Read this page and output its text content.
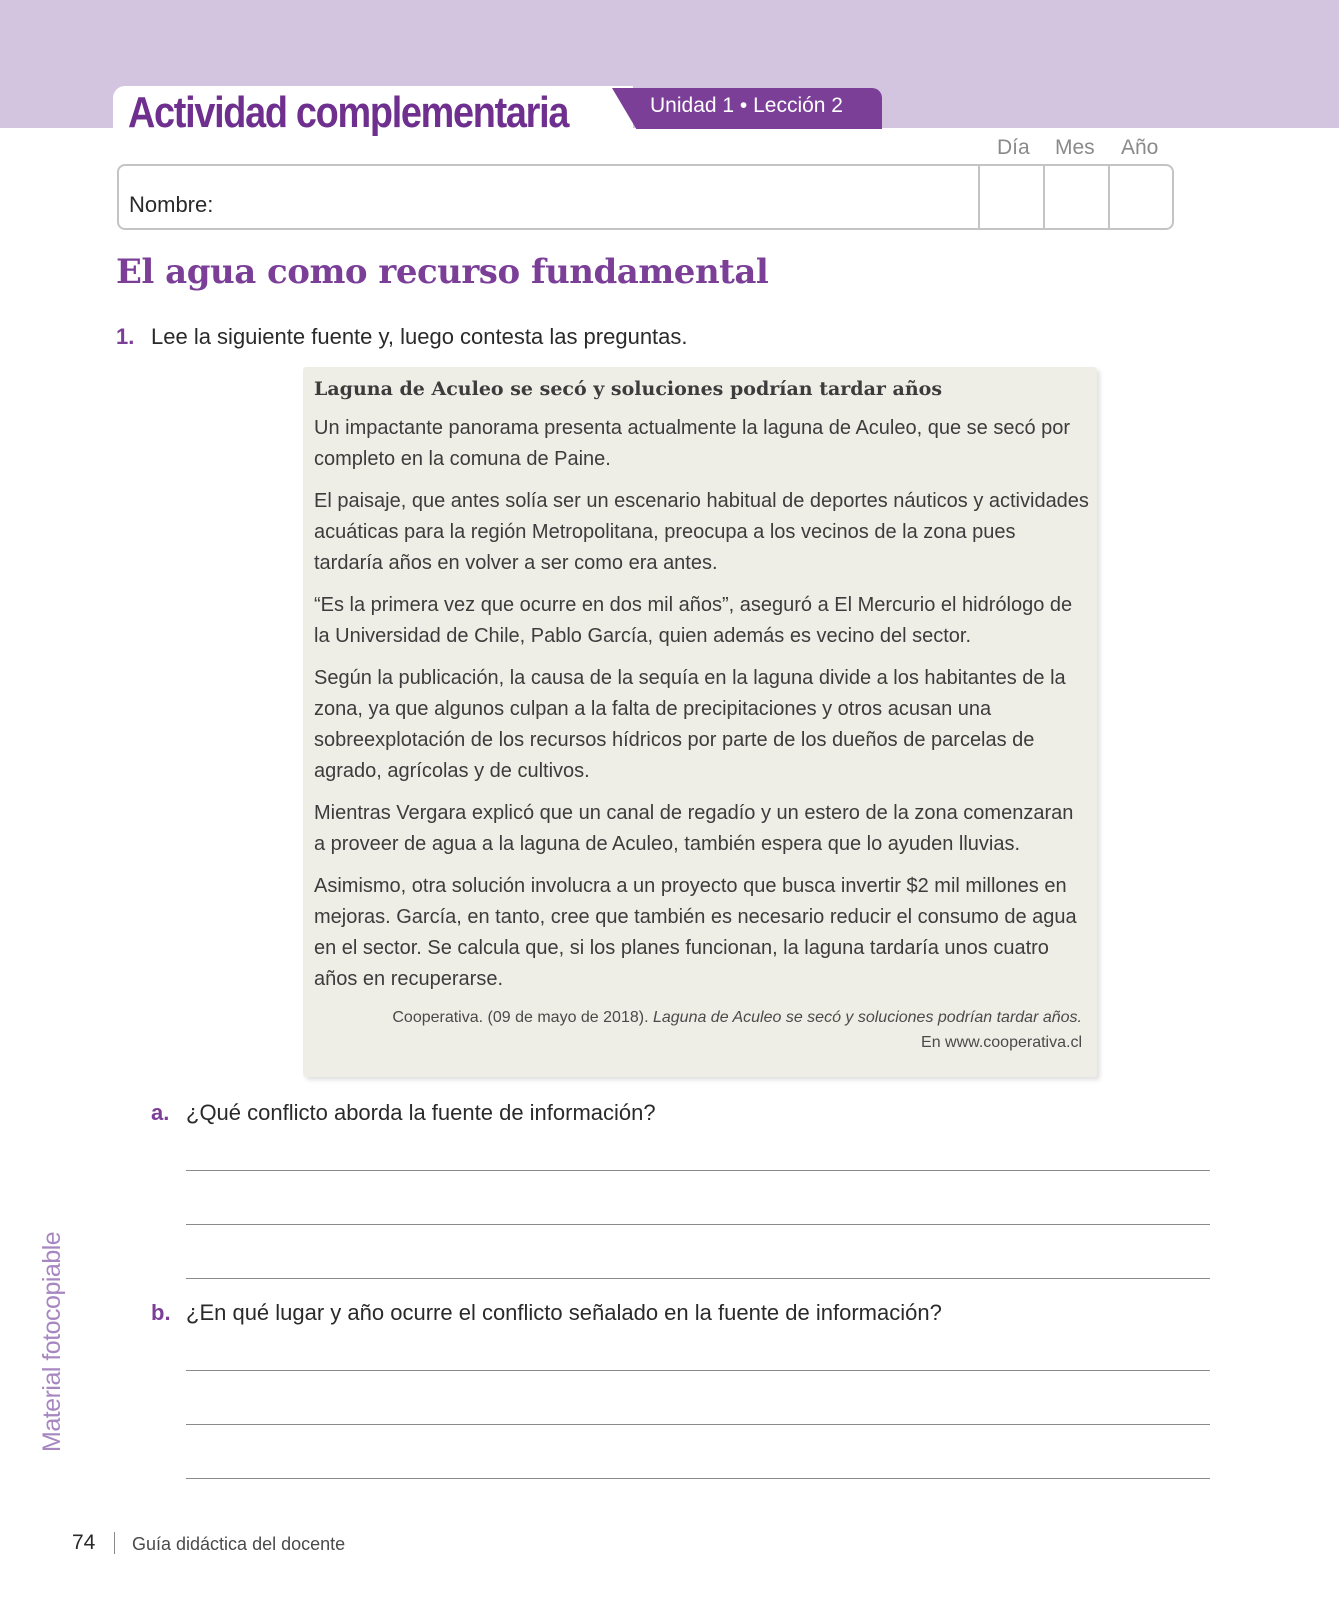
Actividad complementaria	Unidad 1 • Lección 2
Día Mes Año
Nombre:
El agua como recurso fundamental
1. Lee la siguiente fuente y, luego contesta las preguntas.
Laguna de Aculeo se secó y soluciones podrían tardar años
Un impactante panorama presenta actualmente la laguna de Aculeo, que se secó por completo en la comuna de Paine.
El paisaje, que antes solía ser un escenario habitual de deportes náuticos y actividades acuáticas para la región Metropolitana, preocupa a los vecinos de la zona pues tardaría años en volver a ser como era antes.
“Es la primera vez que ocurre en dos mil años”, aseguró a El Mercurio el hidrólogo de la Universidad de Chile, Pablo García, quien además es vecino del sector.
Según la publicación, la causa de la sequía en la laguna divide a los habitantes de la zona, ya que algunos culpan a la falta de precipitaciones y otros acusan una sobreexplotación de los recursos hídricos por parte de los dueños de parcelas de agrado, agrícolas y de cultivos.
Mientras Vergara explicó que un canal de regadío y un estero de la zona comenzaran a proveer de agua a la laguna de Aculeo, también espera que lo ayuden lluvias.
Asimismo, otra solución involucra a un proyecto que busca invertir $2 mil millones en mejoras. García, en tanto, cree que también es necesario reducir el consumo de agua en el sector. Se calcula que, si los planes funcionan, la laguna tardaría unos cuatro años en recuperarse.
Cooperativa. (09 de mayo de 2018). Laguna de Aculeo se secó y soluciones podrían tardar años.
En www.cooperativa.cl
a. ¿Qué conflicto aborda la fuente de información?
b. ¿En qué lugar y año ocurre el conflicto señalado en la fuente de información?
Material fotocopiable
74 Guía didáctica del docente
